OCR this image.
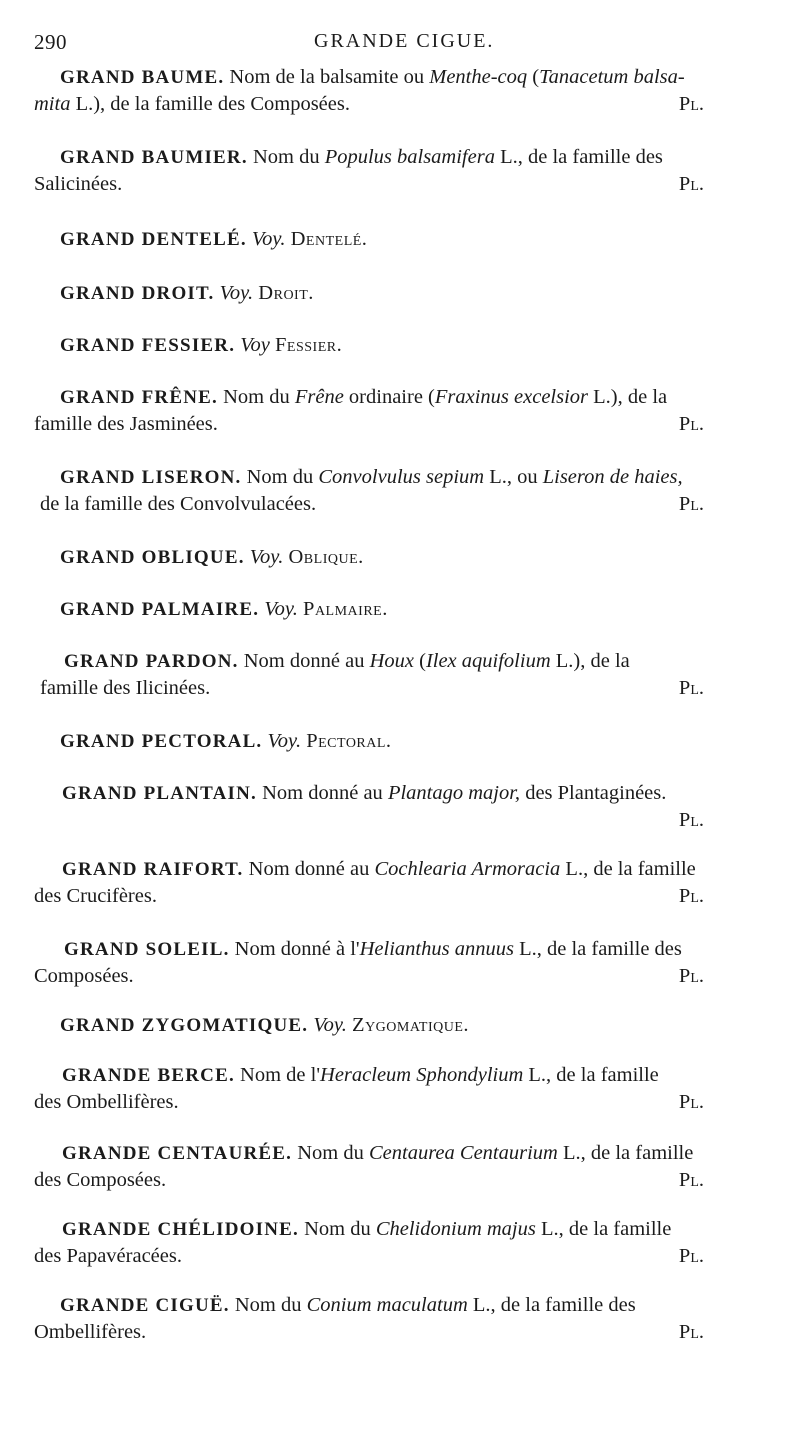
290	GRANDE CIGUE.
GRAND BAUME. Nom de la balsamite ou Menthe-coq (Tanacetum balsa-
mita L.), de la famille des Composées.	Pl.
GRAND BAUMIER. Nom du Populus balsamifera L., de la famille des
Salicinées.	Pl.
GRAND DENTELÉ. Voy. Dentelé.
GRAND DROIT. Voy. Droit.
GRAND FESSIER. Voy Fessier.
GRAND FRÊNE. Nom du Frêne ordinaire (Fraxinus excelsior L.), de la
famille des Jasminées.	Pl.
GRAND LISERON. Nom du Convolvulus sepium L., ou Liseron de haies,
de la famille des Convolvulacées.	Pl.
GRAND OBLIQUE. Voy. Oblique.
GRAND PALMAIRE. Voy. Palmaire.
GRAND PARDON. Nom donné au Houx (Ilex aquifolium L.), de la
famille des Ilicinées.	Pl.
GRAND PECTORAL. Voy. Pectoral.
GRAND PLANTAIN. Nom donné au Plantago major, des Plantaginées.

Pl.
GRAND RAIFORT. Nom donné au Cochlearia Armoracia L., de la famille
des Crucifères.	Pl.
GRAND SOLEIL. Nom donné à l'Helianthus annuus L., de la famille des
Composées.	Pl.
GRAND ZYGOMATIQUE. Voy. Zygomatique.
GRANDE BERCE. Nom de l'Heracleum Sphondylium L., de la famille
des Ombellifères.	Pl.
GRANDE CENTAURÉE. Nom du Centaurea Centaurium L., de la famille
des Composées.	Pl.
GRANDE CHÉLIDOINE. Nom du Chelidonium majus L., de la famille
des Papavéracées.	Pl.
GRANDE CIGUË. Nom du Conium maculatum L., de la famille des
Ombellifères.	Pl.
